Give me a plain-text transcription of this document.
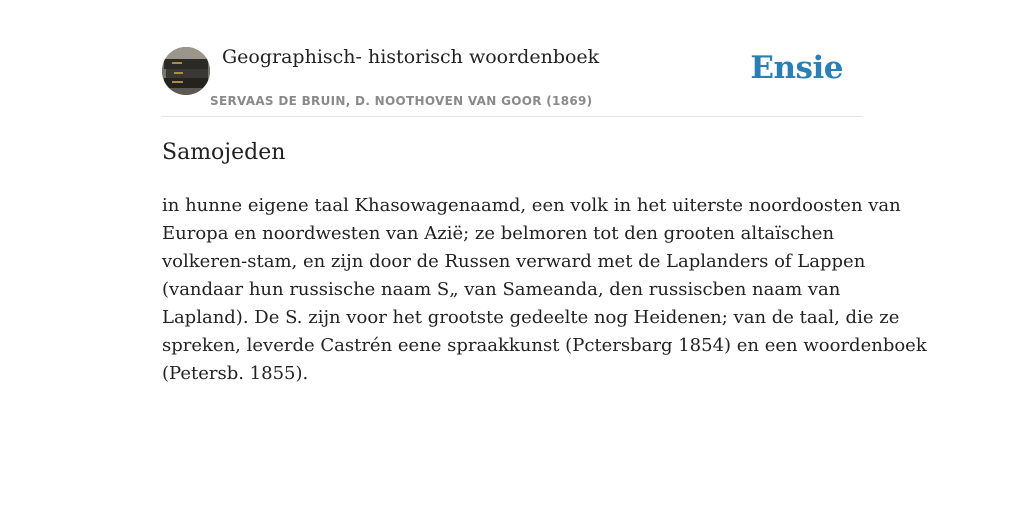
Geographisch- historisch woordenboek
SERVAAS DE BRUIN, D. NOOTHOVEN VAN GOOR (1869)
Ensie
Samojeden

in hunne eigene taal Khasowagenaamd, een volk in het uiterste noordoosten van
Europa en noordwesten van Azië; ze belmoren tot den grooten altaïschen
volkeren-stam, en zijn door de Russen verward met de Laplanders of Lappen
(vandaar hun russische naam S„ van Sameanda, den russiscben naam van
Lapland). De S. zijn voor het grootste gedeelte nog Heidenen; van de taal, die ze
spreken, leverde Castrén eene spraakkunst (Pctersbarg 1854) en een woordenboek
(Petersb. 1855).
